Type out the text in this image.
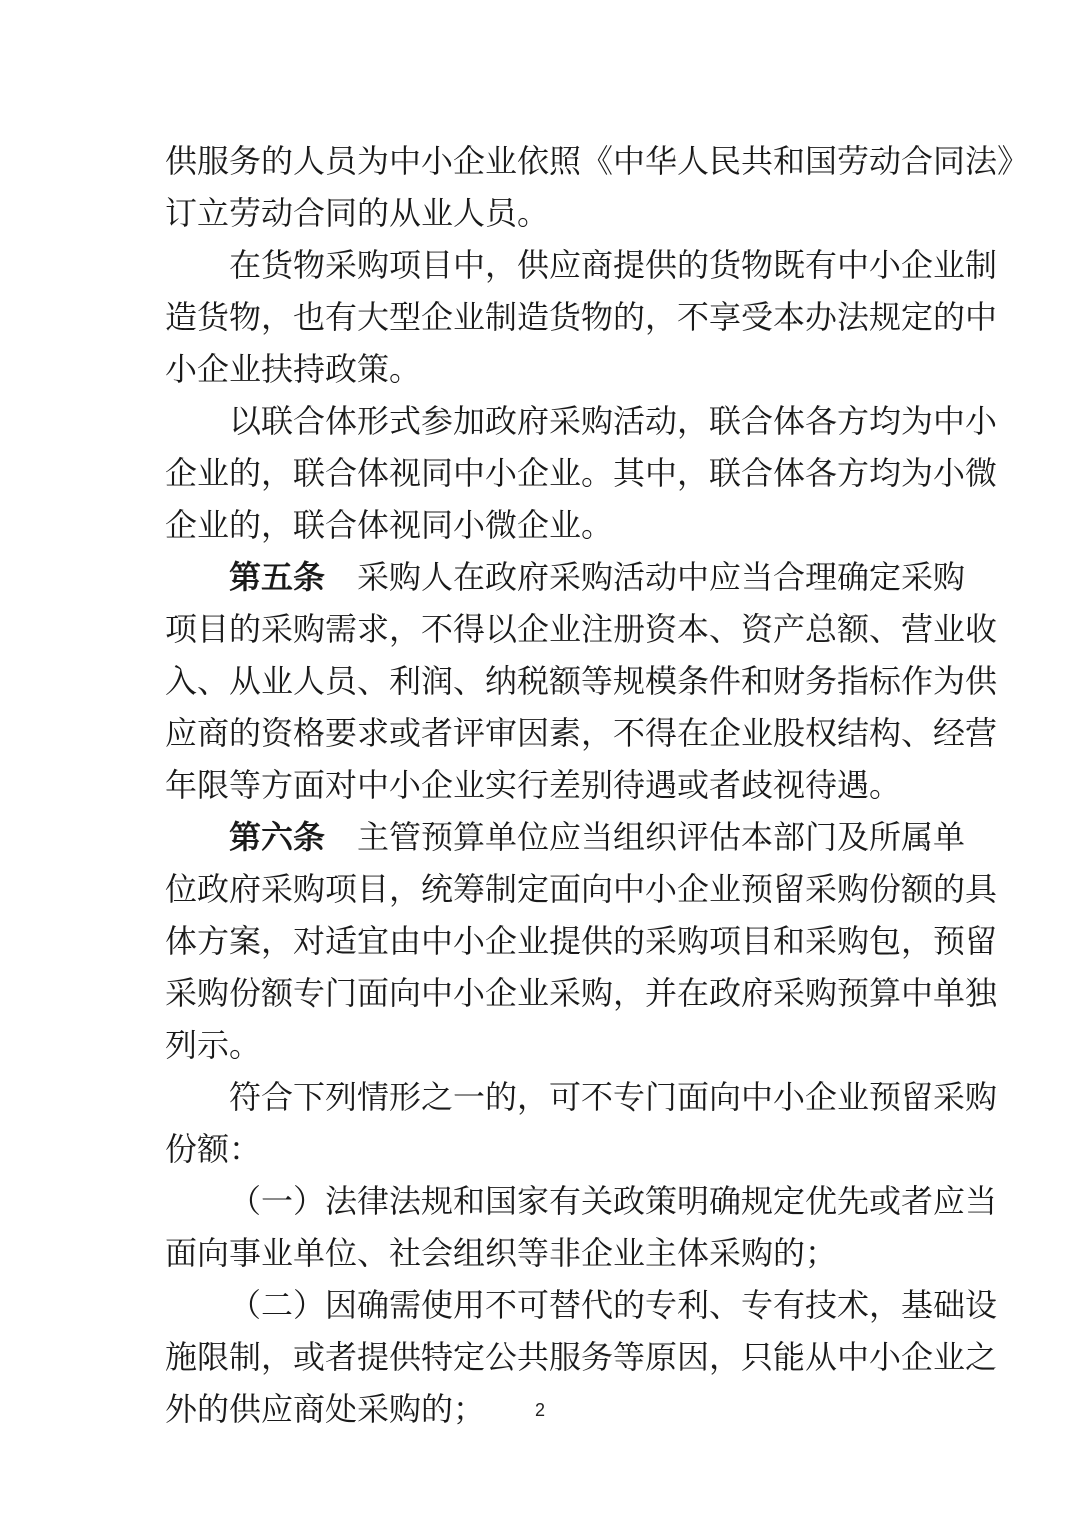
供服务的人员为中小企业依照《中华人民共和国劳动合同法》
订立劳动合同的从业人员。
在货物采购项目中，供应商提供的货物既有中小企业制
造货物，也有大型企业制造货物的，不享受本办法规定的中
小企业扶持政策。
以联合体形式参加政府采购活动，联合体各方均为中小
企业的，联合体视同中小企业。其中，联合体各方均为小微
企业的，联合体视同小微企业。
第五条 采购人在政府采购活动中应当合理确定采购
项目的采购需求，不得以企业注册资本、资产总额、营业收
入、从业人员、利润、纳税额等规模条件和财务指标作为供
应商的资格要求或者评审因素，不得在企业股权结构、经营
年限等方面对中小企业实行差别待遇或者歧视待遇。
第六条 主管预算单位应当组织评估本部门及所属单
位政府采购项目，统筹制定面向中小企业预留采购份额的具
体方案，对适宜由中小企业提供的采购项目和采购包，预留
采购份额专门面向中小企业采购，并在政府采购预算中单独
列示。
符合下列情形之一的，可不专门面向中小企业预留采购
份额：
（一）法律法规和国家有关政策明确规定优先或者应当
面向事业单位、社会组织等非企业主体采购的；
（二）因确需使用不可替代的专利、专有技术，基础设
施限制，或者提供特定公共服务等原因，只能从中小企业之
外的供应商处采购的；	2
